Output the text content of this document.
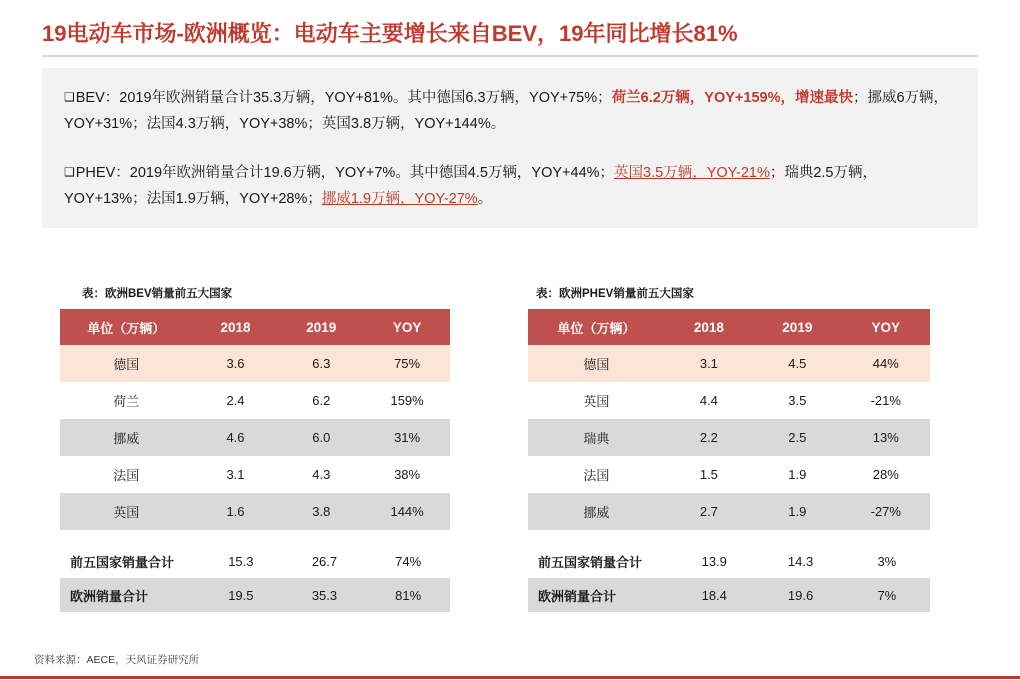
19电动车市场-欧洲概览：电动车主要增长来自BEV，19年同比增长81%

❑BEV：2019年欧洲销量合计35.3万辆，YOY+81%。其中德国6.3万辆，YOY+75%；荷兰6.2万辆，YOY+159%，增速最快；挪威6万辆，YOY+31%；法国4.3万辆，YOY+38%；英国3.8万辆，YOY+144%。

❑PHEV：2019年欧洲销量合计19.6万辆，YOY+7%。其中德国4.5万辆，YOY+44%；英国3.5万辆，YOY-21%；瑞典2.5万辆，YOY+13%；法国1.9万辆，YOY+28%；挪威1.9万辆，YOY-27%。

表：欧洲BEV销量前五大国家
单位（万辆）	2018	2019	YOY
德国	3.6	6.3	75%
荷兰	2.4	6.2	159%
挪威	4.6	6.0	31%
法国	3.1	4.3	38%
英国	1.6	3.8	144%
前五国家销量合计	15.3	26.7	74%
欧洲销量合计	19.5	35.3	81%
表：欧洲PHEV销量前五大国家
单位（万辆）	2018	2019	YOY
德国	3.1	4.5	44%
英国	4.4	3.5	-21%
瑞典	2.2	2.5	13%
法国	1.5	1.9	28%
挪威	2.7	1.9	-27%
前五国家销量合计	13.9	14.3	3%
欧洲销量合计	18.4	19.6	7%
资料来源：AECE，天风证券研究所
